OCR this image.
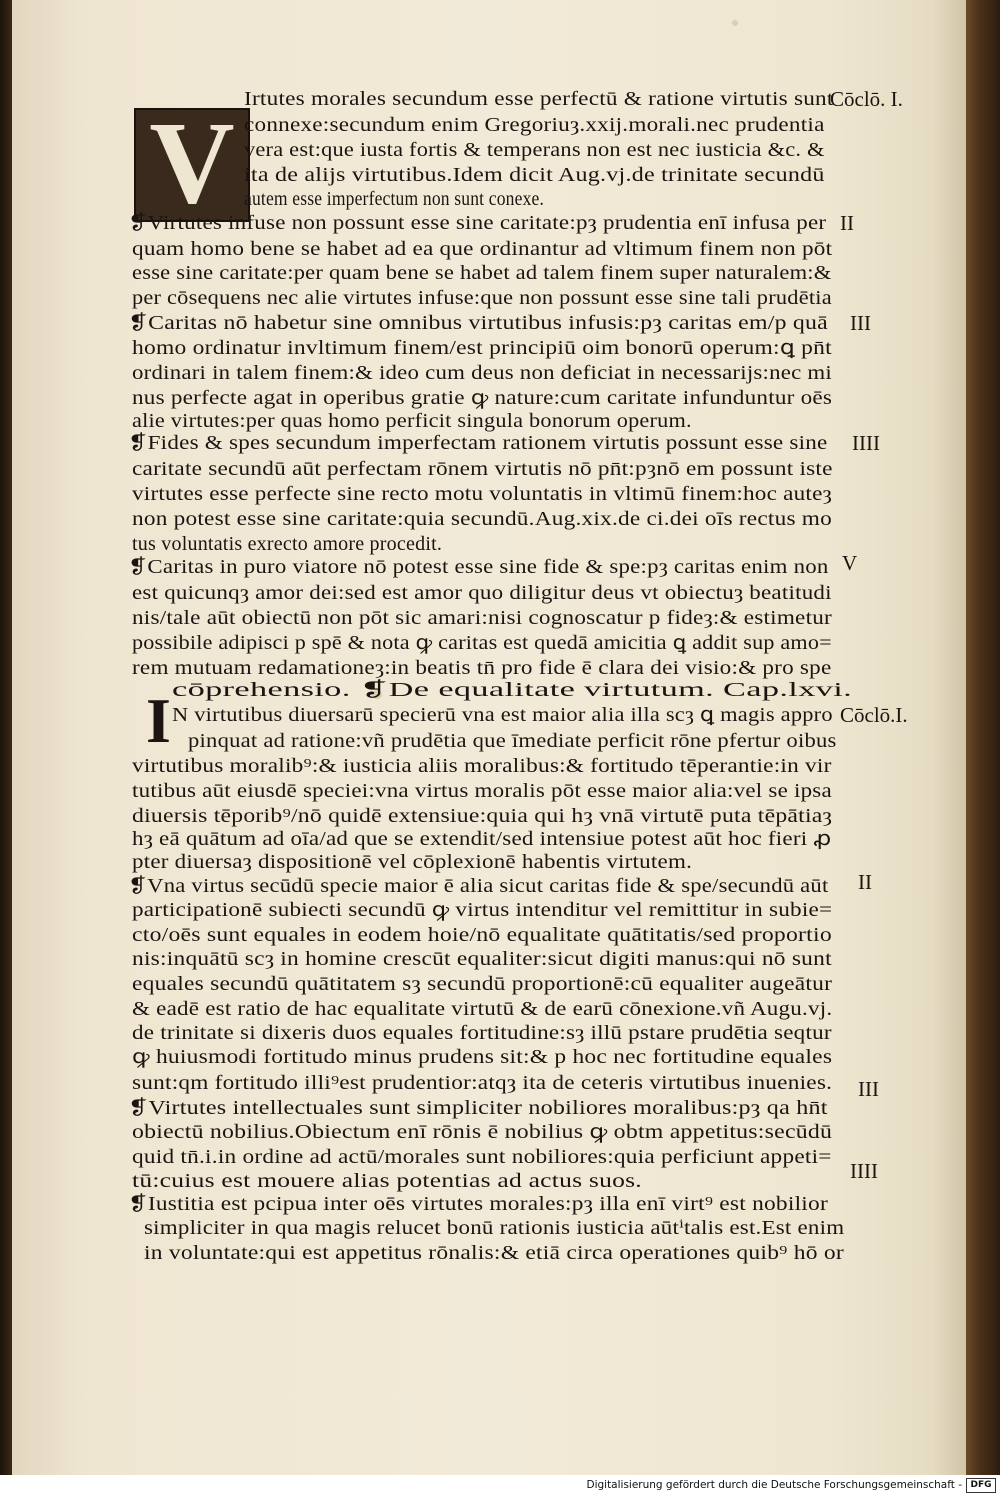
V
I
Irtutes morales secundum esse perfectū & ratione virtutis sunt
connexe:secundum enim Gregoriuȝ.xxij.morali.nec prudentia
vera est:que iusta fortis & temperans non est nec iusticia &c. &
ita de alijs virtutibus.Idem dicit Aug.vj.de trinitate secundū
autem esse imperfectum non sunt conexe.
❡Virtutes infuse non possunt esse sine caritate:pȝ prudentia enī infusa per
quam homo bene se habet ad ea que ordinantur ad vltimum finem non pōt
esse sine caritate:per quam bene se habet ad talem finem super naturalem:&
per cōsequens nec alie virtutes infuse:que non possunt esse sine tali prudētia
❡Caritas nō habetur sine omnibus virtutibus infusis:pȝ caritas em/p quā
homo ordinatur invltimum finem/est principiū oim bonorū operum:ꝗ pn̄t
ordinari in talem finem:& ideo cum deus non deficiat in necessarijs:nec mi
nus perfecte agat in operibus gratie ꝙ nature:cum caritate infunduntur oēs
alie virtutes:per quas homo perficit singula bonorum operum.
❡Fides & spes secundum imperfectam rationem virtutis possunt esse sine
caritate secundū aūt perfectam rōnem virtutis nō pn̄t:pȝnō em possunt iste
virtutes esse perfecte sine recto motu voluntatis in vltimū finem:hoc auteȝ
non potest esse sine caritate:quia secundū.Aug.xix.de ci.dei oīs rectus mo
tus voluntatis exrecto amore procedit.
❡Caritas in puro viatore nō potest esse sine fide & spe:pȝ caritas enim non
est quicunqȝ amor dei:sed est amor quo diligitur deus vt obiectuȝ beatitudi
nis/tale aūt obiectū non pōt sic amari:nisi cognoscatur p fideȝ:& estimetur
possibile adipisci p spē & nota ꝙ caritas est quedā amicitia ꝗ addit sup amo=
rem mutuam redamationeȝ:in beatis tn̄ pro fide ē clara dei visio:& pro spe
cōprehensio. ❡De equalitate virtutum. Cap.lxvi.
N virtutibus diuersarū specierū vna est maior alia illa scȝ ꝗ magis appro
pinquat ad ratione:vñ prudētia que īmediate perficit rōne pfertur oibus
virtutibus moralib⁹:& iusticia aliis moralibus:& fortitudo tēperantie:in vir
tutibus aūt eiusdē speciei:vna virtus moralis pōt esse maior alia:vel se ipsa
diuersis tēporib⁹/nō quidē extensiue:quia qui hȝ vnā virtutē puta tēpātiaȝ
hȝ eā quātum ad oīa/ad que se extendit/sed intensiue potest aūt hoc fieri ꝓ
pter diuersaȝ dispositionē vel cōplexionē habentis virtutem.
❡Vna virtus secūdū specie maior ē alia sicut caritas fide & spe/secundū aūt
participationē subiecti secundū ꝙ virtus intenditur vel remittitur in subie=
cto/oēs sunt equales in eodem hoie/nō equalitate quātitatis/sed proportio
nis:inquātū scȝ in homine crescūt equaliter:sicut digiti manus:qui nō sunt
equales secundū quātitatem sȝ secundū proportionē:cū equaliter augeātur
& eadē est ratio de hac equalitate virtutū & de earū cōnexione.vñ Augu.vj.
de trinitate si dixeris duos equales fortitudine:sȝ illū pstare prudētia seqtur
ꝙ huiusmodi fortitudo minus prudens sit:& p hoc nec fortitudine equales
sunt:qm fortitudo illi⁹est prudentior:atqȝ ita de ceteris virtutibus inuenies.
❡Virtutes intellectuales sunt simpliciter nobiliores moralibus:pȝ qa hn̄t
obiectū nobilius.Obiectum enī rōnis ē nobilius ꝙ obtm appetitus:secūdū
quid tn̄.i.in ordine ad actū/morales sunt nobiliores:quia perficiunt appeti=
tū:cuius est mouere alias potentias ad actus suos.
❡Iustitia est pcipua inter oēs virtutes morales:pȝ illa enī virt⁹ est nobilior
simpliciter in qua magis relucet bonū rationis iusticia aūtⁱtalis est.Est enim
in voluntate:qui est appetitus rōnalis:& etiā circa operationes quib⁹ hō or
Cōclō. I.
II
III
IIII
V
Cōclō.I.
II
III
IIII
Digitalisierung gefördert durch die Deutsche Forschungsgemeinschaft - DFG
